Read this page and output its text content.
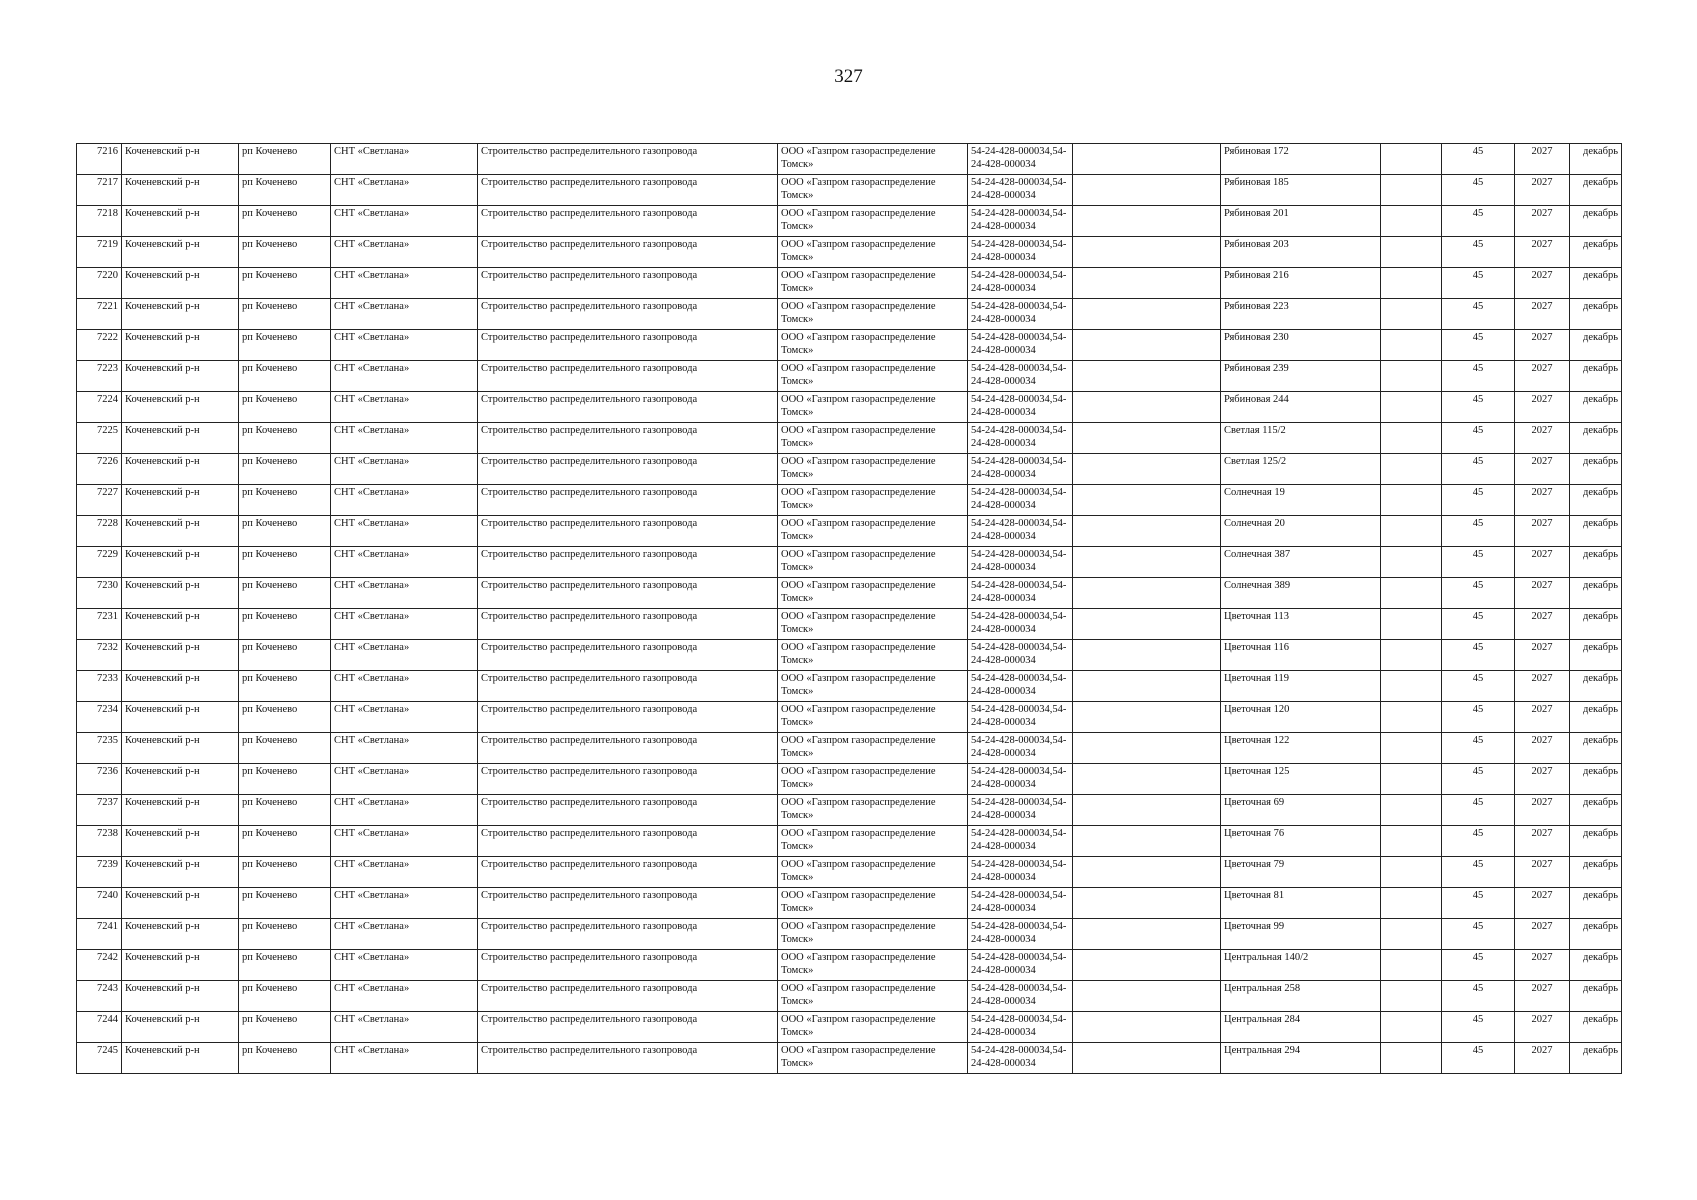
327
7216	Коченевский р-н	рп Коченево	СНТ «Светлана»	Строительство распределительного газопровода	ООО «Газпром газораспределение Томск»	54-24-428-000034,54-24-428-000034		Рябиновая 172		45	2027	декабрь
7217	Коченевский р-н	рп Коченево	СНТ «Светлана»	Строительство распределительного газопровода	ООО «Газпром газораспределение Томск»	54-24-428-000034,54-24-428-000034		Рябиновая 185		45	2027	декабрь
7218	Коченевский р-н	рп Коченево	СНТ «Светлана»	Строительство распределительного газопровода	ООО «Газпром газораспределение Томск»	54-24-428-000034,54-24-428-000034		Рябиновая 201		45	2027	декабрь
7219	Коченевский р-н	рп Коченево	СНТ «Светлана»	Строительство распределительного газопровода	ООО «Газпром газораспределение Томск»	54-24-428-000034,54-24-428-000034		Рябиновая 203		45	2027	декабрь
7220	Коченевский р-н	рп Коченево	СНТ «Светлана»	Строительство распределительного газопровода	ООО «Газпром газораспределение Томск»	54-24-428-000034,54-24-428-000034		Рябиновая 216		45	2027	декабрь
7221	Коченевский р-н	рп Коченево	СНТ «Светлана»	Строительство распределительного газопровода	ООО «Газпром газораспределение Томск»	54-24-428-000034,54-24-428-000034		Рябиновая 223		45	2027	декабрь
7222	Коченевский р-н	рп Коченево	СНТ «Светлана»	Строительство распределительного газопровода	ООО «Газпром газораспределение Томск»	54-24-428-000034,54-24-428-000034		Рябиновая 230		45	2027	декабрь
7223	Коченевский р-н	рп Коченево	СНТ «Светлана»	Строительство распределительного газопровода	ООО «Газпром газораспределение Томск»	54-24-428-000034,54-24-428-000034		Рябиновая 239		45	2027	декабрь
7224	Коченевский р-н	рп Коченево	СНТ «Светлана»	Строительство распределительного газопровода	ООО «Газпром газораспределение Томск»	54-24-428-000034,54-24-428-000034		Рябиновая 244		45	2027	декабрь
7225	Коченевский р-н	рп Коченево	СНТ «Светлана»	Строительство распределительного газопровода	ООО «Газпром газораспределение Томск»	54-24-428-000034,54-24-428-000034		Светлая 115/2		45	2027	декабрь
7226	Коченевский р-н	рп Коченево	СНТ «Светлана»	Строительство распределительного газопровода	ООО «Газпром газораспределение Томск»	54-24-428-000034,54-24-428-000034		Светлая 125/2		45	2027	декабрь
7227	Коченевский р-н	рп Коченево	СНТ «Светлана»	Строительство распределительного газопровода	ООО «Газпром газораспределение Томск»	54-24-428-000034,54-24-428-000034		Солнечная 19		45	2027	декабрь
7228	Коченевский р-н	рп Коченево	СНТ «Светлана»	Строительство распределительного газопровода	ООО «Газпром газораспределение Томск»	54-24-428-000034,54-24-428-000034		Солнечная 20		45	2027	декабрь
7229	Коченевский р-н	рп Коченево	СНТ «Светлана»	Строительство распределительного газопровода	ООО «Газпром газораспределение Томск»	54-24-428-000034,54-24-428-000034		Солнечная 387		45	2027	декабрь
7230	Коченевский р-н	рп Коченево	СНТ «Светлана»	Строительство распределительного газопровода	ООО «Газпром газораспределение Томск»	54-24-428-000034,54-24-428-000034		Солнечная 389		45	2027	декабрь
7231	Коченевский р-н	рп Коченево	СНТ «Светлана»	Строительство распределительного газопровода	ООО «Газпром газораспределение Томск»	54-24-428-000034,54-24-428-000034		Цветочная 113		45	2027	декабрь
7232	Коченевский р-н	рп Коченево	СНТ «Светлана»	Строительство распределительного газопровода	ООО «Газпром газораспределение Томск»	54-24-428-000034,54-24-428-000034		Цветочная 116		45	2027	декабрь
7233	Коченевский р-н	рп Коченево	СНТ «Светлана»	Строительство распределительного газопровода	ООО «Газпром газораспределение Томск»	54-24-428-000034,54-24-428-000034		Цветочная 119		45	2027	декабрь
7234	Коченевский р-н	рп Коченево	СНТ «Светлана»	Строительство распределительного газопровода	ООО «Газпром газораспределение Томск»	54-24-428-000034,54-24-428-000034		Цветочная 120		45	2027	декабрь
7235	Коченевский р-н	рп Коченево	СНТ «Светлана»	Строительство распределительного газопровода	ООО «Газпром газораспределение Томск»	54-24-428-000034,54-24-428-000034		Цветочная 122		45	2027	декабрь
7236	Коченевский р-н	рп Коченево	СНТ «Светлана»	Строительство распределительного газопровода	ООО «Газпром газораспределение Томск»	54-24-428-000034,54-24-428-000034		Цветочная 125		45	2027	декабрь
7237	Коченевский р-н	рп Коченево	СНТ «Светлана»	Строительство распределительного газопровода	ООО «Газпром газораспределение Томск»	54-24-428-000034,54-24-428-000034		Цветочная 69		45	2027	декабрь
7238	Коченевский р-н	рп Коченево	СНТ «Светлана»	Строительство распределительного газопровода	ООО «Газпром газораспределение Томск»	54-24-428-000034,54-24-428-000034		Цветочная 76		45	2027	декабрь
7239	Коченевский р-н	рп Коченево	СНТ «Светлана»	Строительство распределительного газопровода	ООО «Газпром газораспределение Томск»	54-24-428-000034,54-24-428-000034		Цветочная 79		45	2027	декабрь
7240	Коченевский р-н	рп Коченево	СНТ «Светлана»	Строительство распределительного газопровода	ООО «Газпром газораспределение Томск»	54-24-428-000034,54-24-428-000034		Цветочная 81		45	2027	декабрь
7241	Коченевский р-н	рп Коченево	СНТ «Светлана»	Строительство распределительного газопровода	ООО «Газпром газораспределение Томск»	54-24-428-000034,54-24-428-000034		Цветочная 99		45	2027	декабрь
7242	Коченевский р-н	рп Коченево	СНТ «Светлана»	Строительство распределительного газопровода	ООО «Газпром газораспределение Томск»	54-24-428-000034,54-24-428-000034		Центральная 140/2		45	2027	декабрь
7243	Коченевский р-н	рп Коченево	СНТ «Светлана»	Строительство распределительного газопровода	ООО «Газпром газораспределение Томск»	54-24-428-000034,54-24-428-000034		Центральная 258		45	2027	декабрь
7244	Коченевский р-н	рп Коченево	СНТ «Светлана»	Строительство распределительного газопровода	ООО «Газпром газораспределение Томск»	54-24-428-000034,54-24-428-000034		Центральная 284		45	2027	декабрь
7245	Коченевский р-н	рп Коченево	СНТ «Светлана»	Строительство распределительного газопровода	ООО «Газпром газораспределение Томск»	54-24-428-000034,54-24-428-000034		Центральная 294		45	2027	декабрь
